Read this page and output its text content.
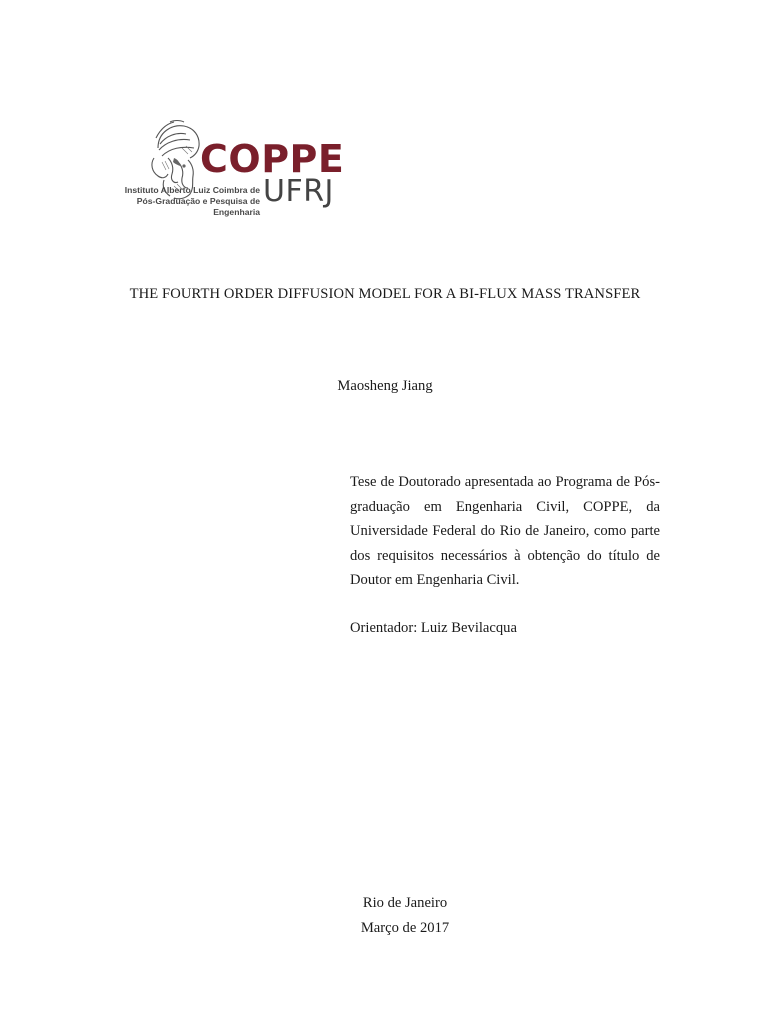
COPPE
UFRJ
Instituto Alberto Luiz Coimbra de
Pós-Graduação e Pesquisa de Engenharia
THE FOURTH ORDER DIFFUSION MODEL FOR A BI-FLUX MASS TRANSFER
Maosheng Jiang
Tese de Doutorado apresentada ao Programa de Pós-graduação em Engenharia Civil, COPPE, da Universidade Federal do Rio de Janeiro, como parte dos requisitos necessários à obtenção do título de Doutor em Engenharia Civil.
Orientador: Luiz Bevilacqua
Rio de Janeiro
Março de 2017
